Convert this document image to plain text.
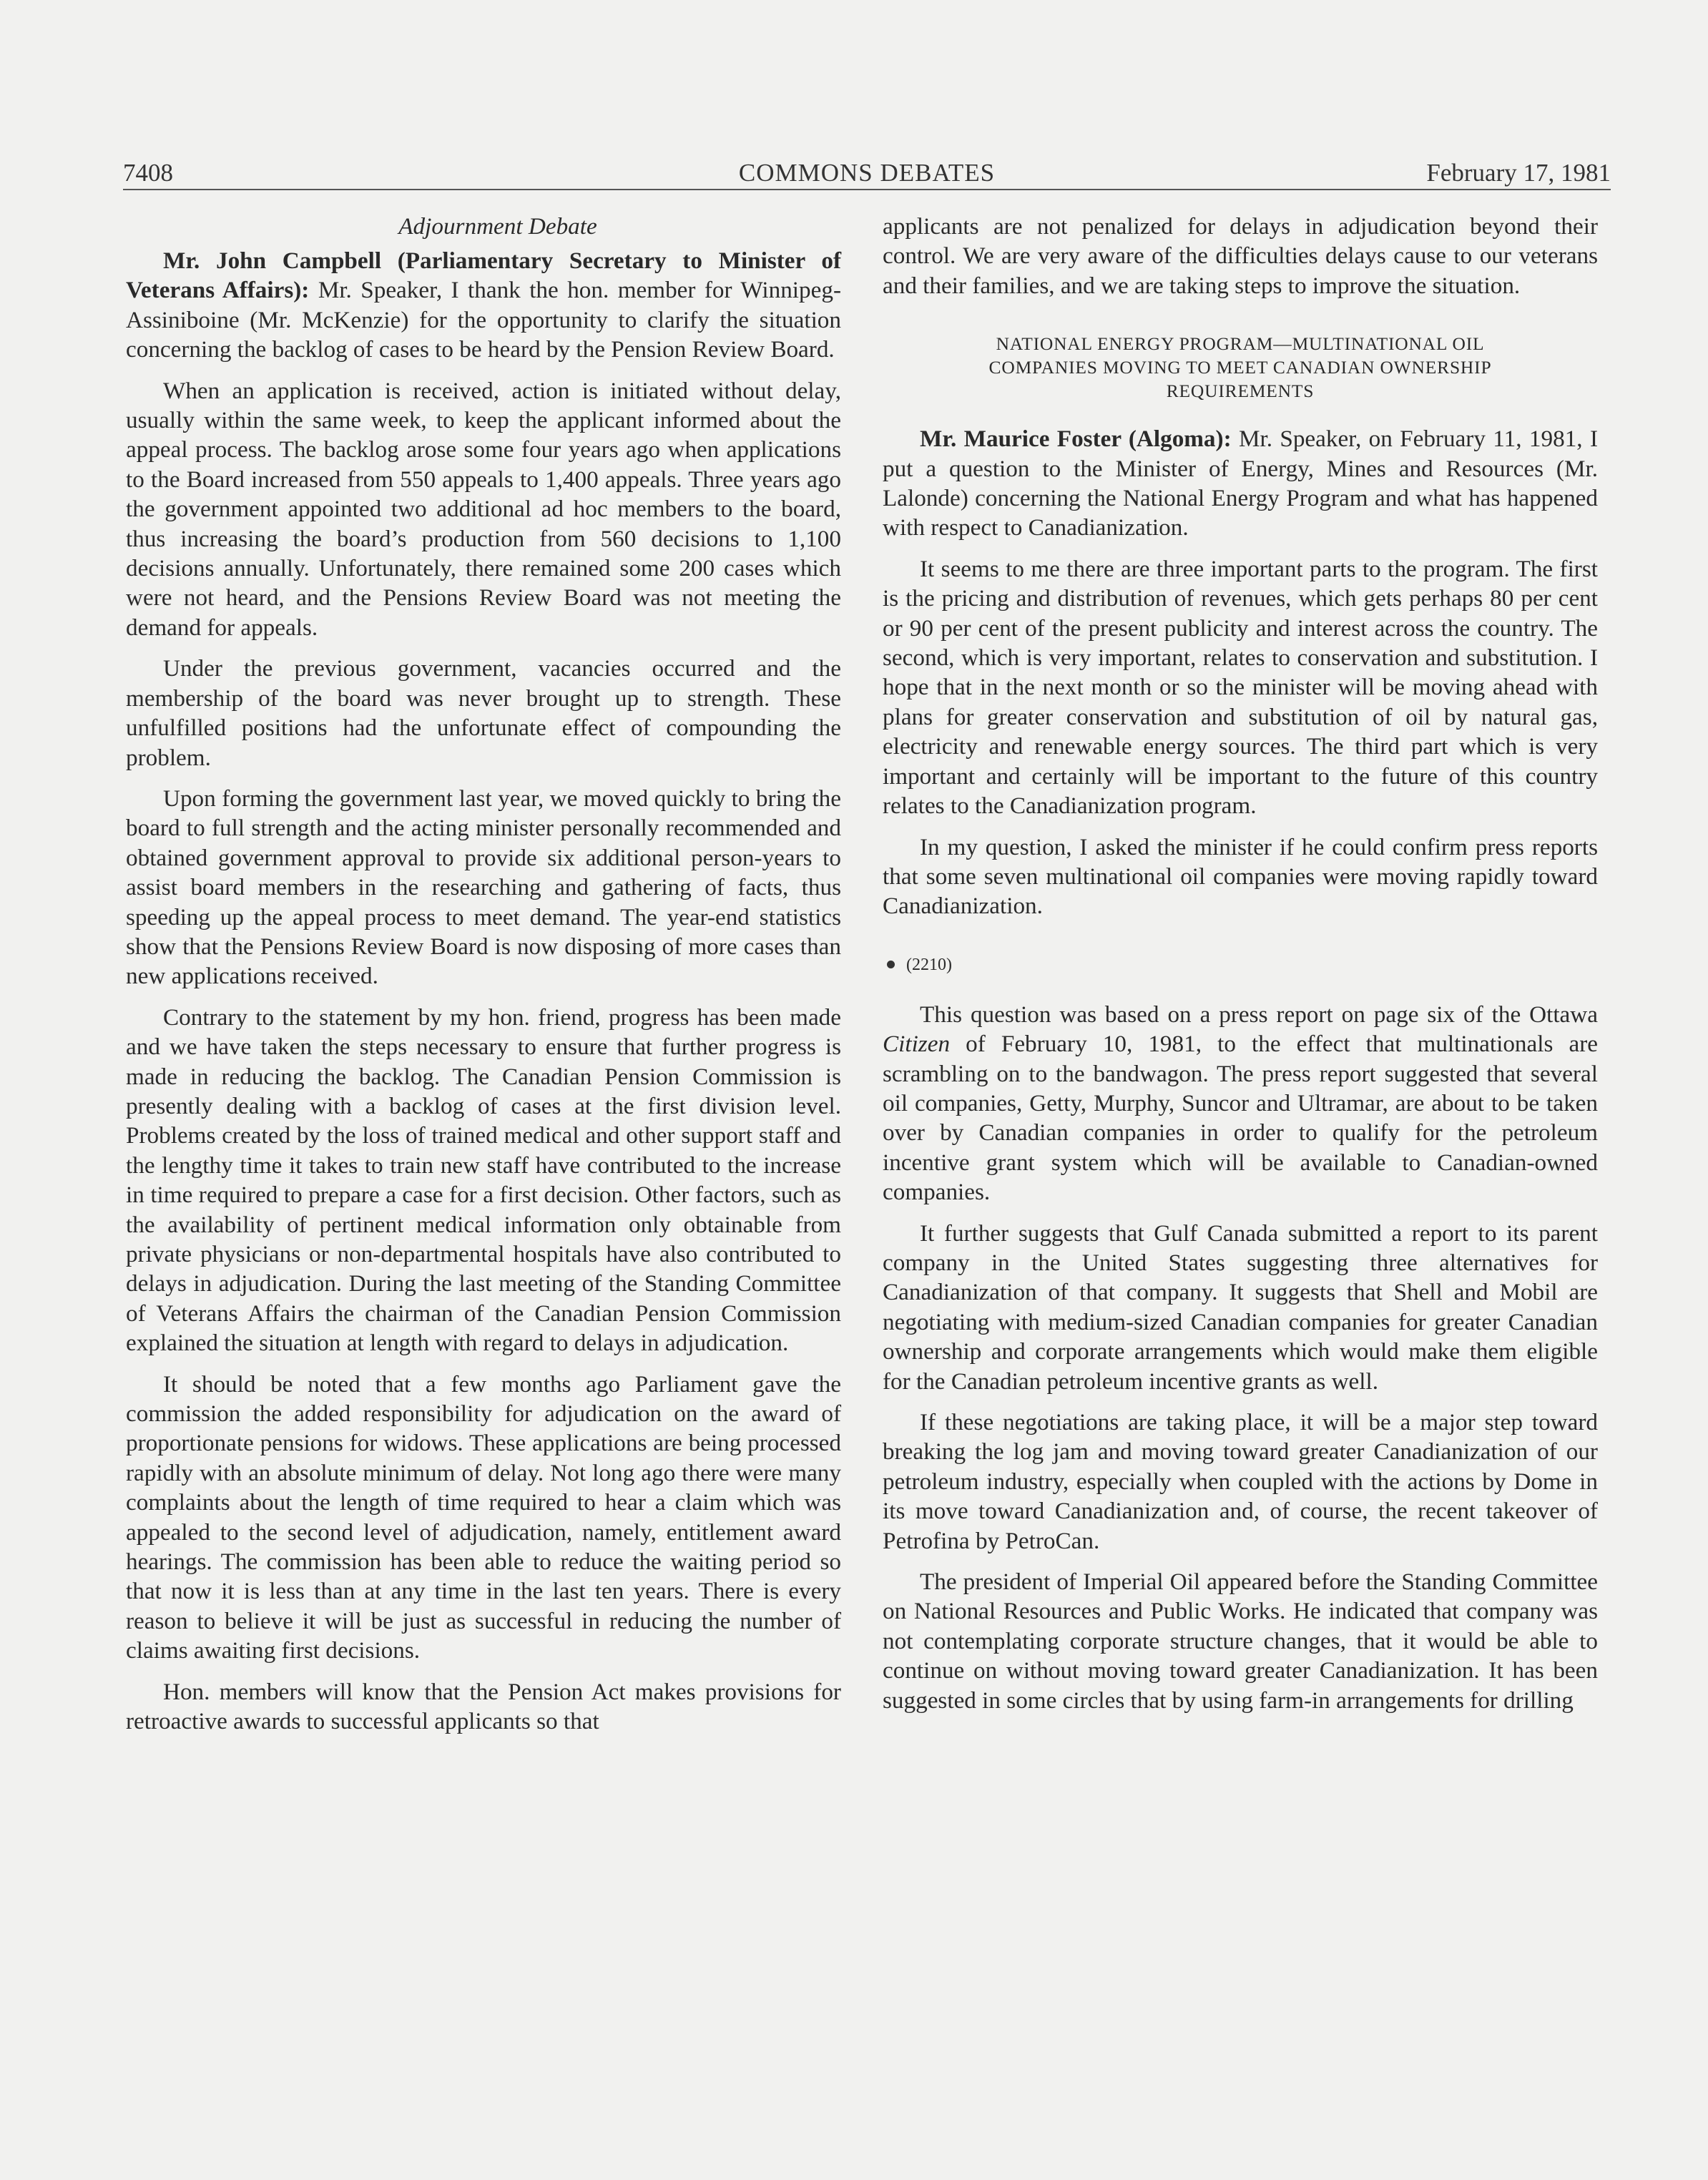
7408	COMMONS DEBATES	February 17, 1981
Adjournment Debate

Mr. John Campbell (Parliamentary Secretary to Minister of Veterans Affairs): Mr. Speaker, I thank the hon. member for Winnipeg-Assiniboine (Mr. McKenzie) for the opportunity to clarify the situation concerning the backlog of cases to be heard by the Pension Review Board.

When an application is received, action is initiated without delay, usually within the same week, to keep the applicant informed about the appeal process. The backlog arose some four years ago when applications to the Board increased from 550 appeals to 1,400 appeals. Three years ago the government appointed two additional ad hoc members to the board, thus increasing the board’s production from 560 decisions to 1,100 decisions annually. Unfortunately, there remained some 200 cases which were not heard, and the Pensions Review Board was not meeting the demand for appeals.

Under the previous government, vacancies occurred and the membership of the board was never brought up to strength. These unfulfilled positions had the unfortunate effect of compounding the problem.

Upon forming the government last year, we moved quickly to bring the board to full strength and the acting minister personally recommended and obtained government approval to provide six additional person-years to assist board members in the researching and gathering of facts, thus speeding up the appeal process to meet demand. The year-end statistics show that the Pensions Review Board is now disposing of more cases than new applications received.

Contrary to the statement by my hon. friend, progress has been made and we have taken the steps necessary to ensure that further progress is made in reducing the backlog. The Canadian Pension Commission is presently dealing with a backlog of cases at the first division level. Problems created by the loss of trained medical and other support staff and the lengthy time it takes to train new staff have contributed to the increase in time required to prepare a case for a first decision. Other factors, such as the availability of pertinent medical information only obtainable from private physicians or non-departmental hospitals have also contributed to delays in adjudication. During the last meeting of the Standing Committee of Veterans Affairs the chairman of the Canadian Pension Commission explained the situation at length with regard to delays in adjudication.

It should be noted that a few months ago Parliament gave the commission the added responsibility for adjudication on the award of proportionate pensions for widows. These applications are being processed rapidly with an absolute minimum of delay. Not long ago there were many complaints about the length of time required to hear a claim which was appealed to the second level of adjudication, namely, entitlement award hearings. The commission has been able to reduce the waiting period so that now it is less than at any time in the last ten years. There is every reason to believe it will be just as successful in reducing the number of claims awaiting first decisions.

Hon. members will know that the Pension Act makes provisions for retroactive awards to successful applicants so that

applicants are not penalized for delays in adjudication beyond their control. We are very aware of the difficulties delays cause to our veterans and their families, and we are taking steps to improve the situation.

NATIONAL ENERGY PROGRAM—MULTINATIONAL OIL
COMPANIES MOVING TO MEET CANADIAN OWNERSHIP
REQUIREMENTS

Mr. Maurice Foster (Algoma): Mr. Speaker, on February 11, 1981, I put a question to the Minister of Energy, Mines and Resources (Mr. Lalonde) concerning the National Energy Program and what has happened with respect to Canadianization.

It seems to me there are three important parts to the program. The first is the pricing and distribution of revenues, which gets perhaps 80 per cent or 90 per cent of the present publicity and interest across the country. The second, which is very important, relates to conservation and substitution. I hope that in the next month or so the minister will be moving ahead with plans for greater conservation and substitution of oil by natural gas, electricity and renewable energy sources. The third part which is very important and certainly will be important to the future of this country relates to the Canadianization program.

In my question, I asked the minister if he could confirm press reports that some seven multinational oil companies were moving rapidly toward Canadianization.

(2210)

This question was based on a press report on page six of the Ottawa Citizen of February 10, 1981, to the effect that multinationals are scrambling on to the bandwagon. The press report suggested that several oil companies, Getty, Murphy, Suncor and Ultramar, are about to be taken over by Canadian companies in order to qualify for the petroleum incentive grant system which will be available to Canadian-owned companies.

It further suggests that Gulf Canada submitted a report to its parent company in the United States suggesting three alternatives for Canadianization of that company. It suggests that Shell and Mobil are negotiating with medium-sized Canadian companies for greater Canadian ownership and corporate arrangements which would make them eligible for the Canadian petroleum incentive grants as well.

If these negotiations are taking place, it will be a major step toward breaking the log jam and moving toward greater Canadianization of our petroleum industry, especially when coupled with the actions by Dome in its move toward Canadianization and, of course, the recent takeover of Petrofina by PetroCan.

The president of Imperial Oil appeared before the Standing Committee on National Resources and Public Works. He indicated that company was not contemplating corporate structure changes, that it would be able to continue on without moving toward greater Canadianization. It has been suggested in some circles that by using farm-in arrangements for drilling
